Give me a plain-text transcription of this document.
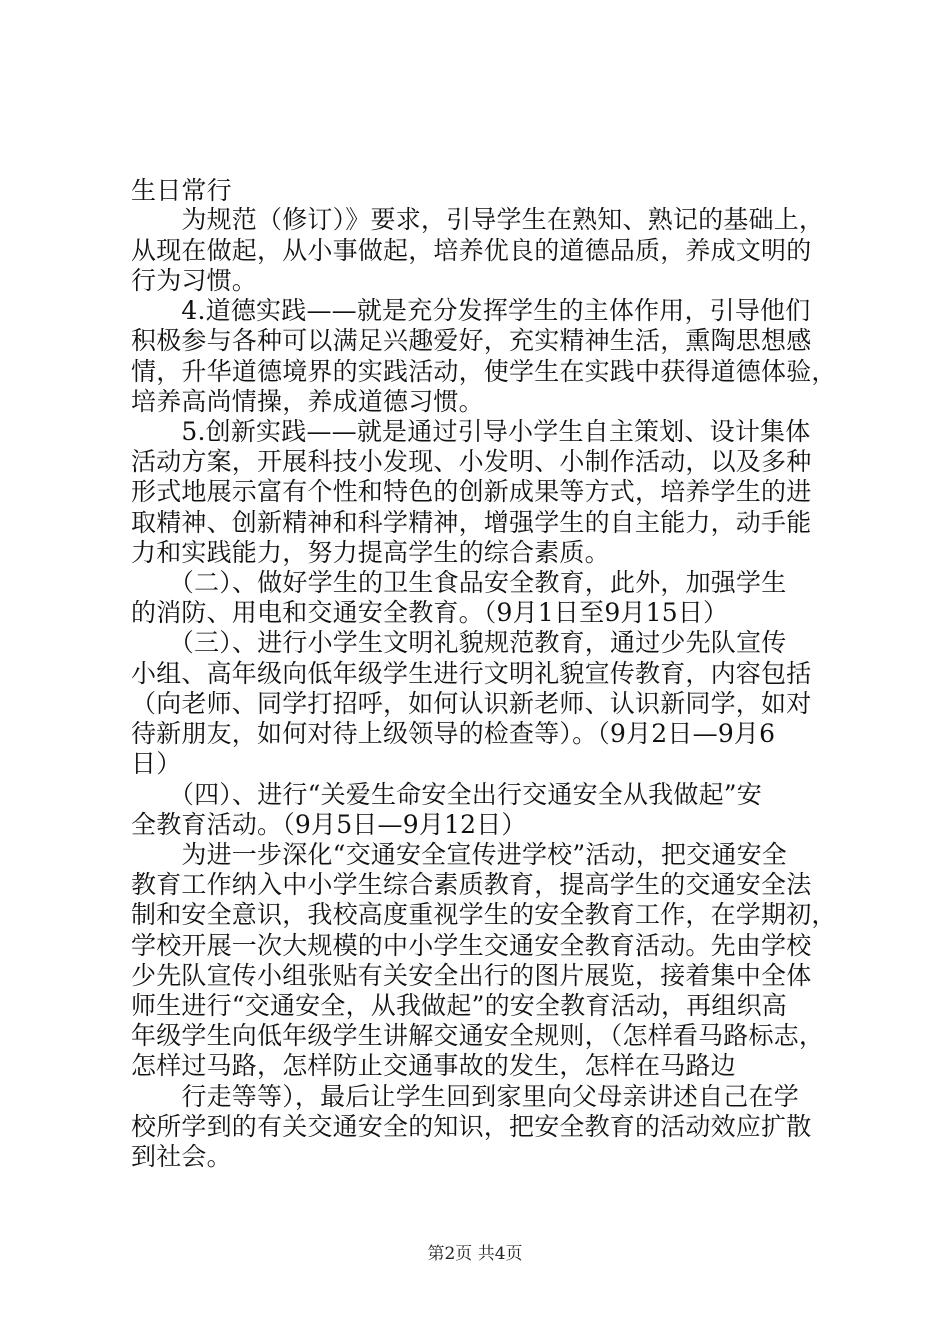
生日常行
　　为规范（修订）》要求，引导学生在熟知、熟记的基础上，
从现在做起，从小事做起，培养优良的道德品质，养成文明的
行为习惯。
　　4.道德实践——就是充分发挥学生的主体作用，引导他们
积极参与各种可以满足兴趣爱好，充实精神生活，熏陶思想感
情，升华道德境界的实践活动，使学生在实践中获得道德体验，
培养高尚情操，养成道德习惯。
　　5.创新实践——就是通过引导小学生自主策划、设计集体
活动方案，开展科技小发现、小发明、小制作活动，以及多种
形式地展示富有个性和特色的创新成果等方式，培养学生的进
取精神、创新精神和科学精神，增强学生的自主能力，动手能
力和实践能力，努力提高学生的综合素质。
　　（二）、做好学生的卫生食品安全教育，此外，加强学生
的消防、用电和交通安全教育。（9月1日至9月15日）
　　（三）、进行小学生文明礼貌规范教育，通过少先队宣传
小组、高年级向低年级学生进行文明礼貌宣传教育，内容包括
（向老师、同学打招呼，如何认识新老师、认识新同学，如对
待新朋友，如何对待上级领导的检查等）。（9月2日—9月6
日）
　　（四）、进行“关爱生命安全出行交通安全从我做起”安
全教育活动。（9月5日—9月12日）
　　为进一步深化“交通安全宣传进学校”活动，把交通安全
教育工作纳入中小学生综合素质教育，提高学生的交通安全法
制和安全意识，我校高度重视学生的安全教育工作，在学期初，
学校开展一次大规模的中小学生交通安全教育活动。先由学校
少先队宣传小组张贴有关安全出行的图片展览，接着集中全体
师生进行“交通安全，从我做起”的安全教育活动，再组织高
年级学生向低年级学生讲解交通安全规则，（怎样看马路标志，
怎样过马路，怎样防止交通事故的发生，怎样在马路边
　　行走等等），最后让学生回到家里向父母亲讲述自己在学
校所学到的有关交通安全的知识，把安全教育的活动效应扩散
到社会。
第2页 共4页
